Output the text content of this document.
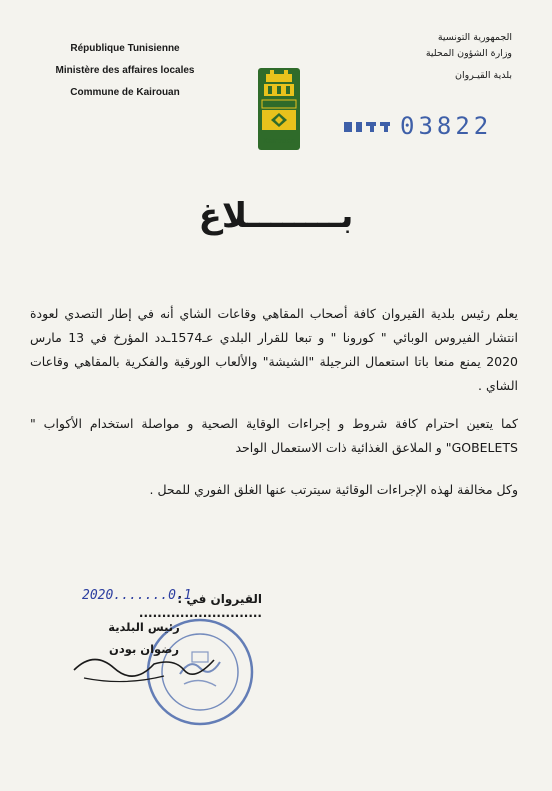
République Tunisienne
Ministère des affaires locales
Commune de Kairouan
الجمهورية التونسية
وزارة الشؤون المحلية
بلدية القيـروان
Kairouan
03822
بــــــــلاغ
يعلم رئيس بلدية القيروان كافة أصحاب المقاهي وقاعات الشاي أنه في إطار التصدي لعودة انتشار الفيروس الوبائي " كورونا " و تبعا للقرار البلدي عـ1574ـدد المؤرخ في 13 مارس 2020 يمنع منعا باتا استعمال النرجيلة "الشيشة" والألعاب الورقية والفكرية بالمقاهي وقاعات الشاي .
كما يتعين احترام كافة شروط و إجراءات الوقاية الصحية و مواصلة استخدام الأكواب " GOBELETS" و الملاعق الغذائية ذات الاستعمال الواحد
وكل مخالفة لهذه الإجراءات الوقائية سيترتب عنها الغلق الفوري للمحل .
القيروان في : ...........................
2020.......0.1
رئيس البلدية
رضوان بودن
